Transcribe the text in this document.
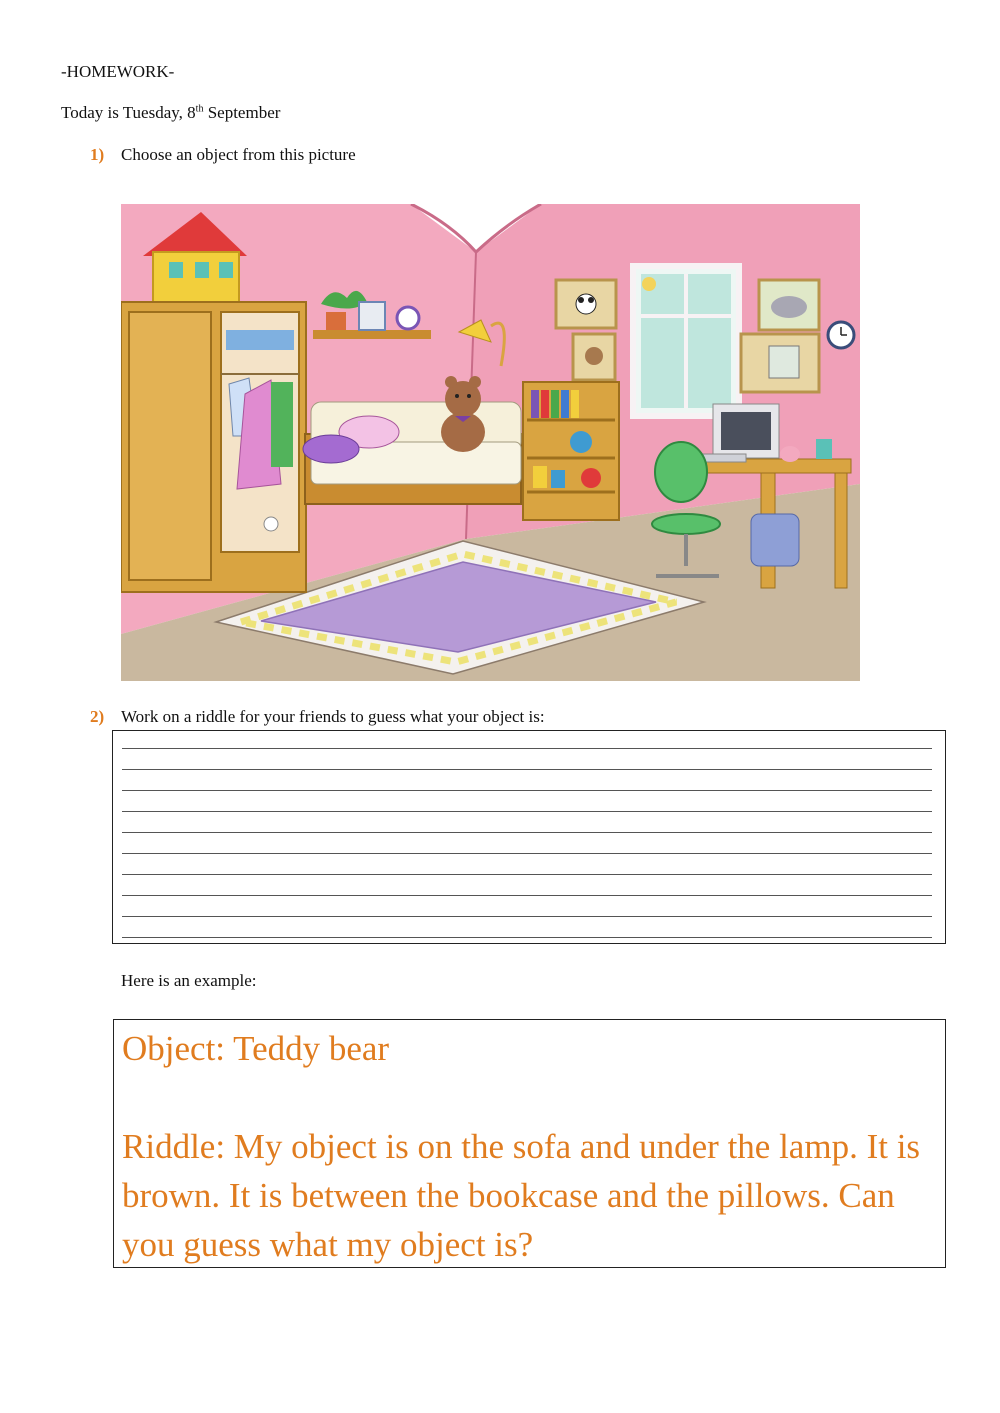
-HOMEWORK-
Today is Tuesday, 8th September
1) Choose an object from this picture
2) Work on a riddle for your friends to guess what your object is:
Here is an example:

Object: Teddy bear

Riddle: My object is on the sofa and under the lamp. It is brown. It is between the bookcase and the pillows. Can you guess what my object is?
